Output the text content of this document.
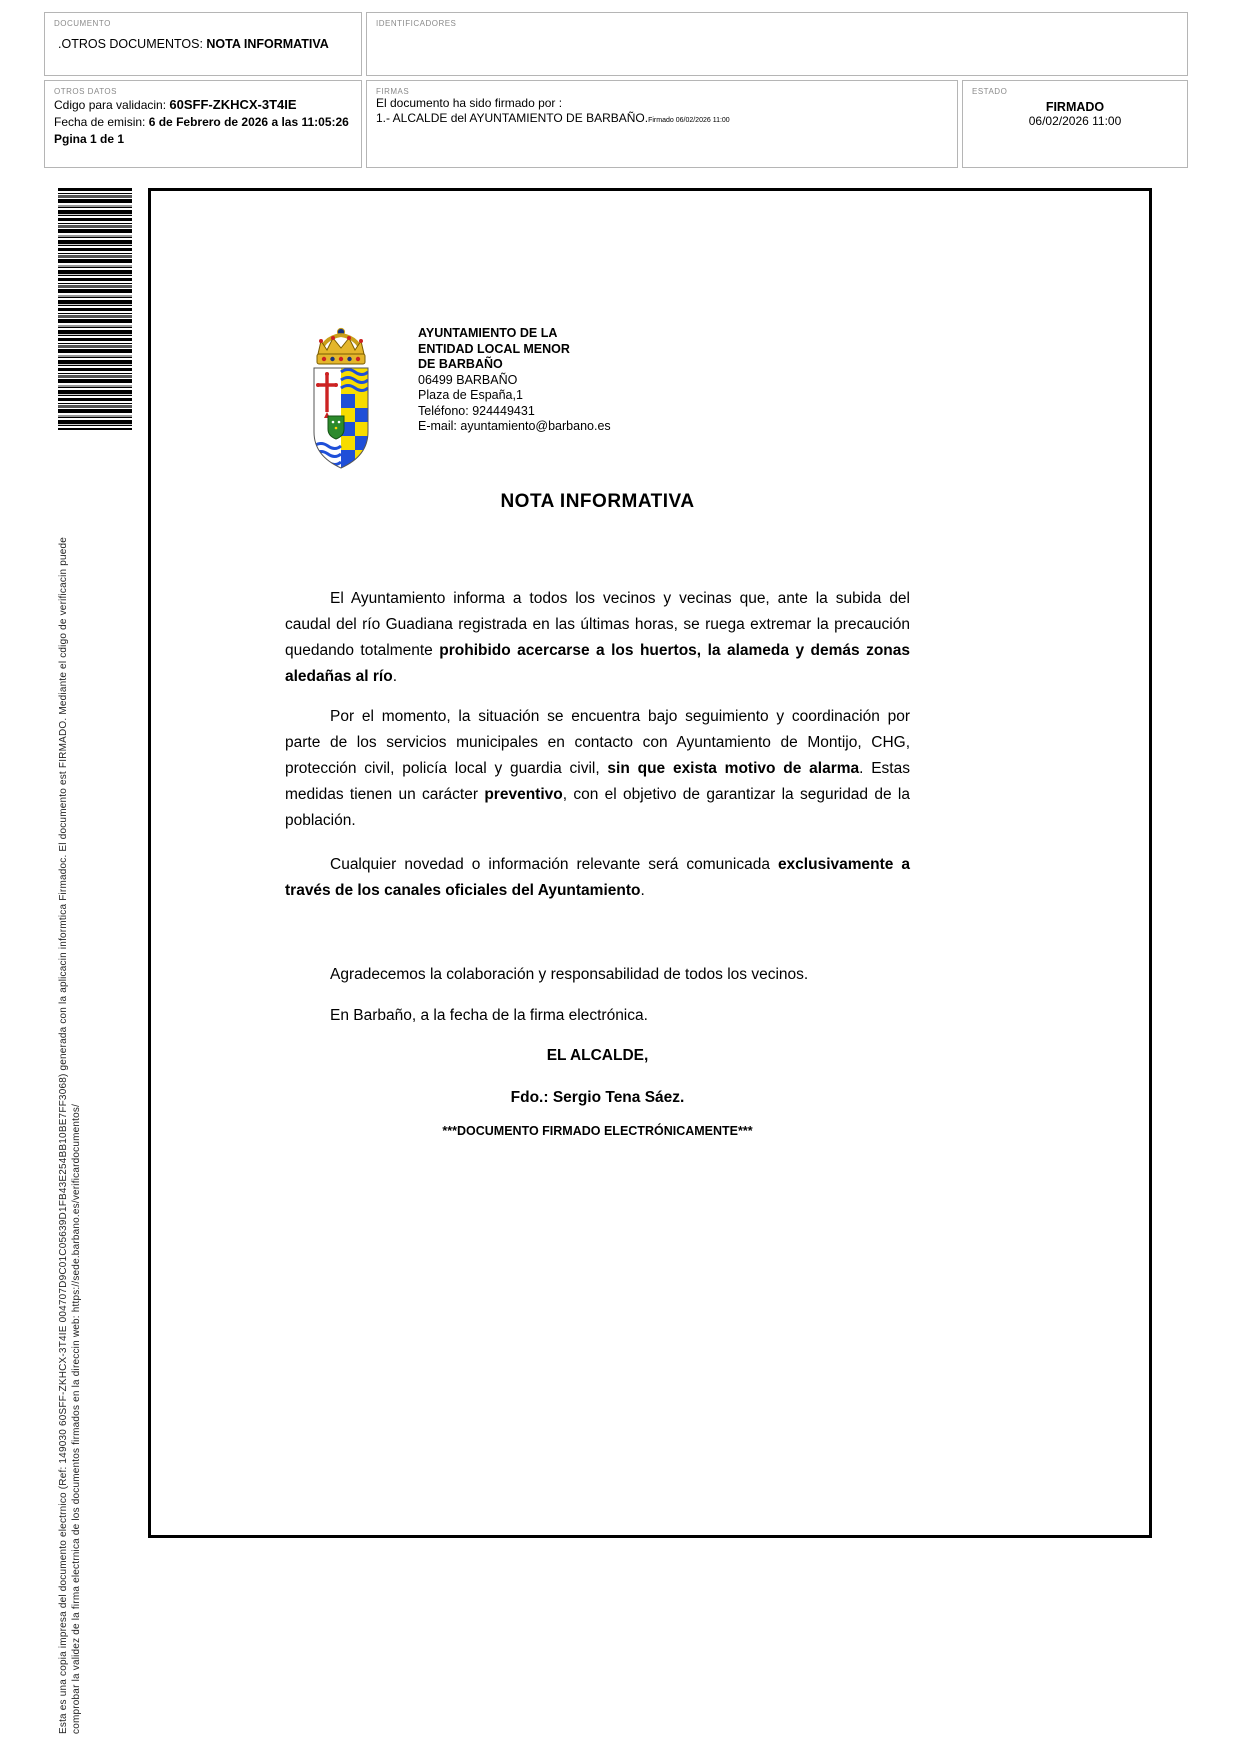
DOCUMENTO
.OTROS DOCUMENTOS: NOTA INFORMATIVA
IDENTIFICADORES
OTROS DATOS
Cdigo para validacin: 60SFF-ZKHCX-3T4IE
Fecha de emisin: 6 de Febrero de 2026 a las 11:05:26
Pgina 1 de 1
FIRMAS
El documento ha sido firmado por :
1.- ALCALDE del AYUNTAMIENTO DE BARBAÑO.Firmado 06/02/2026 11:00
ESTADO
FIRMADO
06/02/2026 11:00
Esta es una copia impresa del documento electrnico (Ref: 149030 60SFF-ZKHCX-3T4IE 004707D9C01C05639D1FB43E254BB10BE7FF3068) generada con la aplicacin informtica Firmadoc. El documento est FIRMADO. Mediante el cdigo de verificacin puede comprobar la validez de la firma electrnica de los documentos firmados en la direccin web: https://sede.barbano.es/verificardocumentos/
AYUNTAMIENTO DE LA
ENTIDAD LOCAL MENOR
DE BARBAÑO
06499 BARBAÑO
Plaza de España,1
Teléfono: 924449431
E-mail: ayuntamiento@barbano.es
NOTA INFORMATIVA

El Ayuntamiento informa a todos los vecinos y vecinas que, ante la subida del caudal del río Guadiana registrada en las últimas horas, se ruega extremar la precaución quedando totalmente prohibido acercarse a los huertos, la alameda y demás zonas aledañas al río.

Por el momento, la situación se encuentra bajo seguimiento y coordinación por parte de los servicios municipales en contacto con Ayuntamiento de Montijo, CHG, protección civil, policía local y guardia civil, sin que exista motivo de alarma. Estas medidas tienen un carácter preventivo, con el objetivo de garantizar la seguridad de la población.

Cualquier novedad o información relevante será comunicada exclusivamente a través de los canales oficiales del Ayuntamiento.

Agradecemos la colaboración y responsabilidad de todos los vecinos.

En Barbaño, a la fecha de la firma electrónica.

EL ALCALDE,

Fdo.: Sergio Tena Sáez.

***DOCUMENTO FIRMADO ELECTRÓNICAMENTE***
